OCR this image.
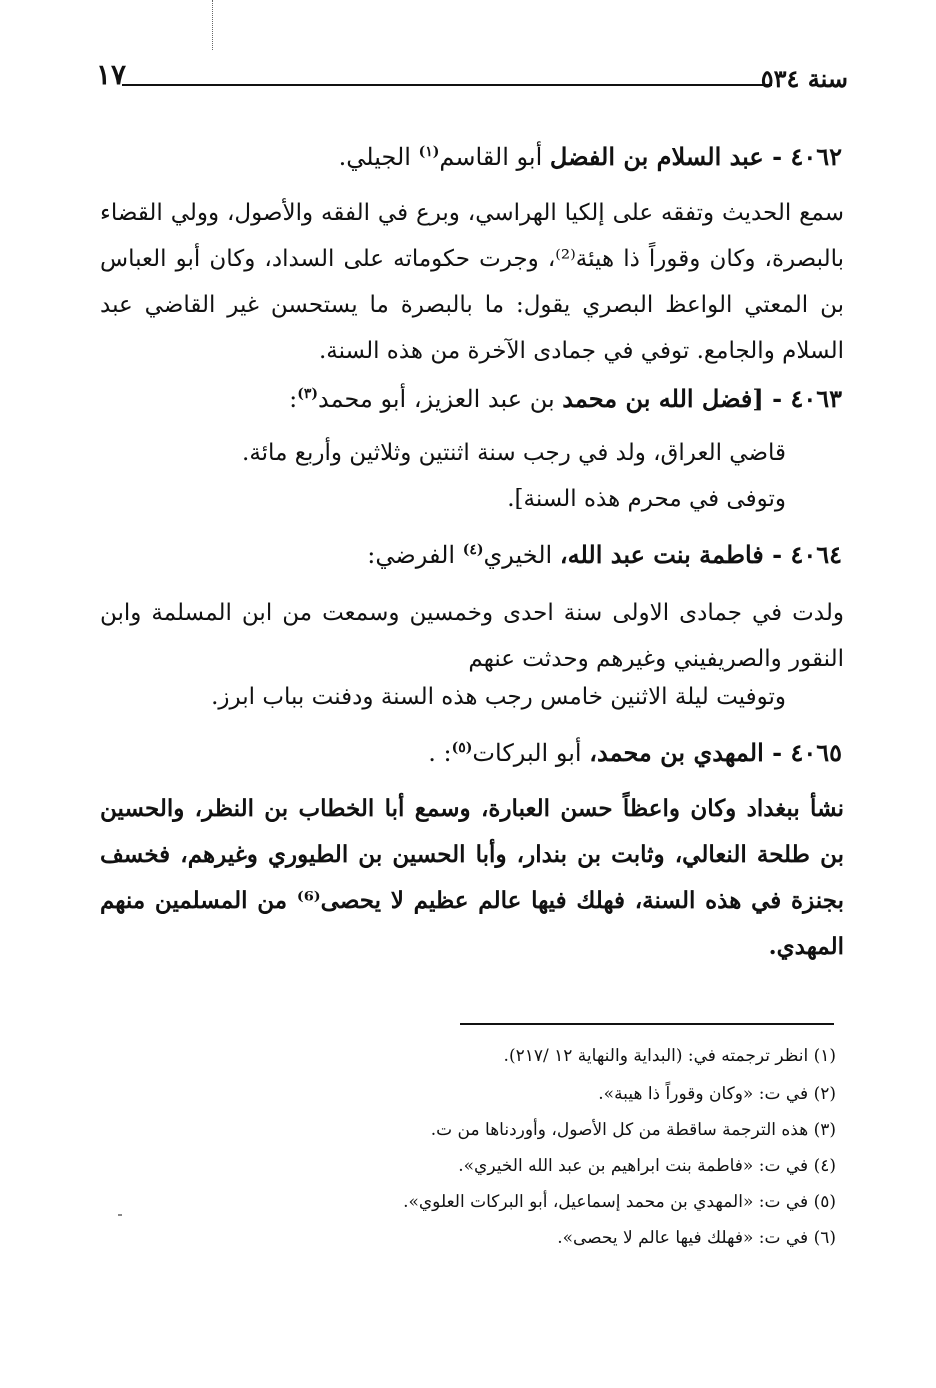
١٧	سنة ٥٣٤
٤٠٦٢ - عبد السلام بن الفضل أبو القاسم$^{(١)}$ الجيلي.
سمع الحديث وتفقه على إلكيا الهراسي، وبرع في الفقه والأصول، وولي القضاء بالبصرة، وكان وقوراً ذا هيئة⁽²⁾، وجرت حكوماته على السداد، وكان أبو العباس بن المعتي الواعظ البصري يقول: ما بالبصرة ما يستحسن غير القاضي عبد السلام والجامع. توفي في جمادى الآخرة من هذه السنة.
٤٠٦٣ - [فضل الله بن محمد بن عبد العزيز، أبو محمد$^{(٣)}$:
قاضي العراق، ولد في رجب سنة اثنتين وثلاثين وأربع مائة.
وتوفى في محرم هذه السنة].
٤٠٦٤ - فاطمة بنت عبد الله، الخيري$^{(٤)}$ الفرضي:
ولدت في جمادى الاولى سنة احدى وخمسين وسمعت من ابن المسلمة وابن النقور والصريفيني وغيرهم وحدثت عنهم
وتوفيت ليلة الاثنين خامس رجب هذه السنة ودفنت بباب ابرز.
٤٠٦٥ - المهدي بن محمد، أبو البركات$^{(٥)}$: .
نشأ ببغداد وكان واعظاً حسن العبارة، وسمع أبا الخطاب بن النظر، والحسين بن طلحة النعالي، وثابت بن بندار، وأبا الحسين بن الطيوري وغيرهم، فخسف بجنزة في هذه السنة، فهلك فيها عالم عظيم لا يحصى⁽⁶⁾ من المسلمين منهم المهدي.
(١) انظر ترجمته في: (البداية والنهاية ١٢ /٢١٧).
(٢) في ت: «وكان وقوراً ذا هيبة».
(٣) هذه الترجمة ساقطة من كل الأصول، وأوردناها من ت.
(٤) في ت: «فاطمة بنت ابراهيم بن عبد الله الخيري».
(٥) في ت: «المهدي بن محمد إسماعيل، أبو البركات العلوي».
(٦) في ت: «فهلك فيها عالم لا يحصى».
